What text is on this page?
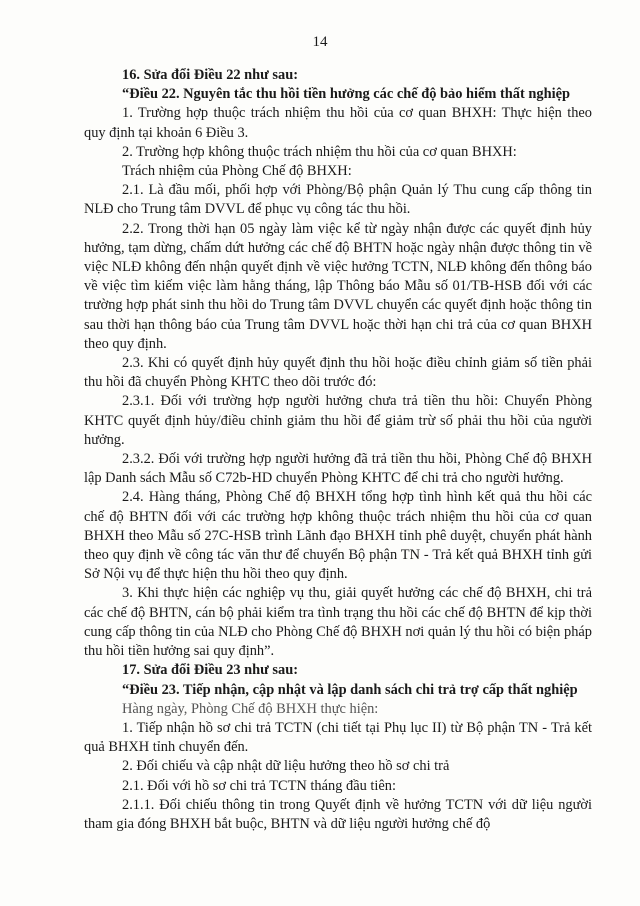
14

16. Sửa đổi Điều 22 như sau:

“Điều 22. Nguyên tắc thu hồi tiền hưởng các chế độ bảo hiểm thất nghiệp

1. Trường hợp thuộc trách nhiệm thu hồi của cơ quan BHXH: Thực hiện theo quy định tại khoản 6 Điều 3.

2. Trường hợp không thuộc trách nhiệm thu hồi của cơ quan BHXH:

Trách nhiệm của Phòng Chế độ BHXH:

2.1. Là đầu mối, phối hợp với Phòng/Bộ phận Quản lý Thu cung cấp thông tin NLĐ cho Trung tâm DVVL để phục vụ công tác thu hồi.

2.2. Trong thời hạn 05 ngày làm việc kể từ ngày nhận được các quyết định hủy hưởng, tạm dừng, chấm dứt hưởng các chế độ BHTN hoặc ngày nhận được thông tin về việc NLĐ không đến nhận quyết định về việc hưởng TCTN, NLĐ không đến thông báo về việc tìm kiếm việc làm hằng tháng, lập Thông báo Mẫu số 01/TB-HSB đối với các trường hợp phát sinh thu hồi do Trung tâm DVVL chuyển các quyết định hoặc thông tin sau thời hạn thông báo của Trung tâm DVVL hoặc thời hạn chi trả của cơ quan BHXH theo quy định.

2.3. Khi có quyết định hủy quyết định thu hồi hoặc điều chỉnh giảm số tiền phải thu hồi đã chuyển Phòng KHTC theo dõi trước đó:

2.3.1. Đối với trường hợp người hưởng chưa trả tiền thu hồi: Chuyển Phòng KHTC quyết định hủy/điều chỉnh giảm thu hồi để giảm trừ số phải thu hồi của người hưởng.

2.3.2. Đối với trường hợp người hưởng đã trả tiền thu hồi, Phòng Chế độ BHXH lập Danh sách Mẫu số C72b-HD chuyển Phòng KHTC để chi trả cho người hưởng.

2.4. Hàng tháng, Phòng Chế độ BHXH tổng hợp tình hình kết quả thu hồi các chế độ BHTN đối với các trường hợp không thuộc trách nhiệm thu hồi của cơ quan BHXH theo Mẫu số 27C-HSB trình Lãnh đạo BHXH tỉnh phê duyệt, chuyển phát hành theo quy định về công tác văn thư để chuyển Bộ phận TN - Trả kết quả BHXH tỉnh gửi Sở Nội vụ để thực hiện thu hồi theo quy định.

3. Khi thực hiện các nghiệp vụ thu, giải quyết hưởng các chế độ BHXH, chi trả các chế độ BHTN, cán bộ phải kiểm tra tình trạng thu hồi các chế độ BHTN để kịp thời cung cấp thông tin của NLĐ cho Phòng Chế độ BHXH nơi quản lý thu hồi có biện pháp thu hồi tiền hưởng sai quy định”.

17. Sửa đổi Điều 23 như sau:

“Điều 23. Tiếp nhận, cập nhật và lập danh sách chi trả trợ cấp thất nghiệp

Hàng ngày, Phòng Chế độ BHXH thực hiện:

1. Tiếp nhận hồ sơ chi trả TCTN (chi tiết tại Phụ lục II) từ Bộ phận TN - Trả kết quả BHXH tỉnh chuyển đến.

2. Đối chiếu và cập nhật dữ liệu hưởng theo hồ sơ chi trả

2.1. Đối với hồ sơ chi trả TCTN tháng đầu tiên:

2.1.1. Đối chiếu thông tin trong Quyết định về hưởng TCTN với dữ liệu người tham gia đóng BHXH bắt buộc, BHTN và dữ liệu người hưởng chế độ
